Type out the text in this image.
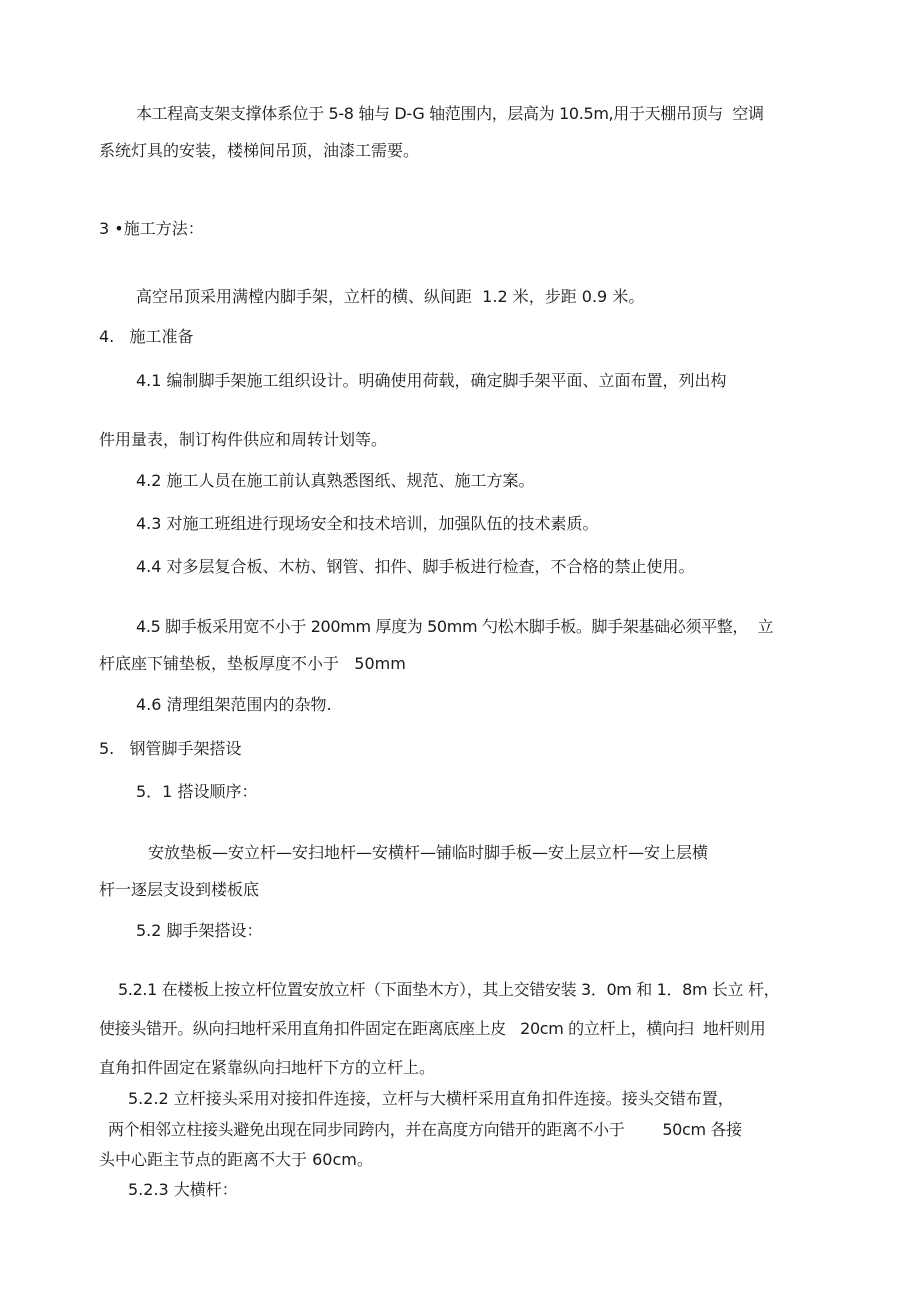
本工程高支架支撑体系位于 5-8 轴与 D-G 轴范围内，层高为 10.5m,用于天棚吊顶与  空调
系统灯具的安装，楼梯间吊顶，油漆工需要。
3 •施工方法：
高空吊顶采用满樘内脚手架，立杆的横、纵间距  1.2 米，步距 0.9 米。
4.   施工准备
4.1 编制脚手架施工组织设计。明确使用荷载，确定脚手架平面、立面布置，列出构
件用量表，制订构件供应和周转计划等。
4.2 施工人员在施工前认真熟悉图纸、规范、施工方案。
4.3 对施工班组进行现场安全和技术培训，加强队伍的技术素质。
4.4 对多层复合板、木枋、钢管、扣件、脚手板进行检查，不合格的禁止使用。
4.5 脚手板采用宽不小于 200mm 厚度为 50mm 勺松木脚手板。脚手架基础必须平整，  立
杆底座下铺垫板，垫板厚度不小于   50mm
4.6 清理组架范围内的杂物.
5.   钢管脚手架搭设
5．1 搭设顺序：
安放垫板—安立杆—安扫地杆—安横杆—铺临时脚手板—安上层立杆—安上层横
杆一逐层支设到楼板底
5.2 脚手架搭设：
5.2.1 在楼板上按立杆位置安放立杆（下面垫木方），其上交错安装 3．0m 和 1．8m 长立 杆，
使接头错开。纵向扫地杆采用直角扣件固定在距离底座上皮   20cm 的立杆上，横向扫  地杆则用
直角扣件固定在紧靠纵向扫地杆下方的立杆上。
5.2.2 立杆接头采用对接扣件连接，立杆与大横杆采用直角扣件连接。接头交错布置，
两个相邻立柱接头避免出现在同步同跨内，并在高度方向错开的距离不小于        50cm 各接
头中心距主节点的距离不大于 60cm。
5.2.3 大横杆：
